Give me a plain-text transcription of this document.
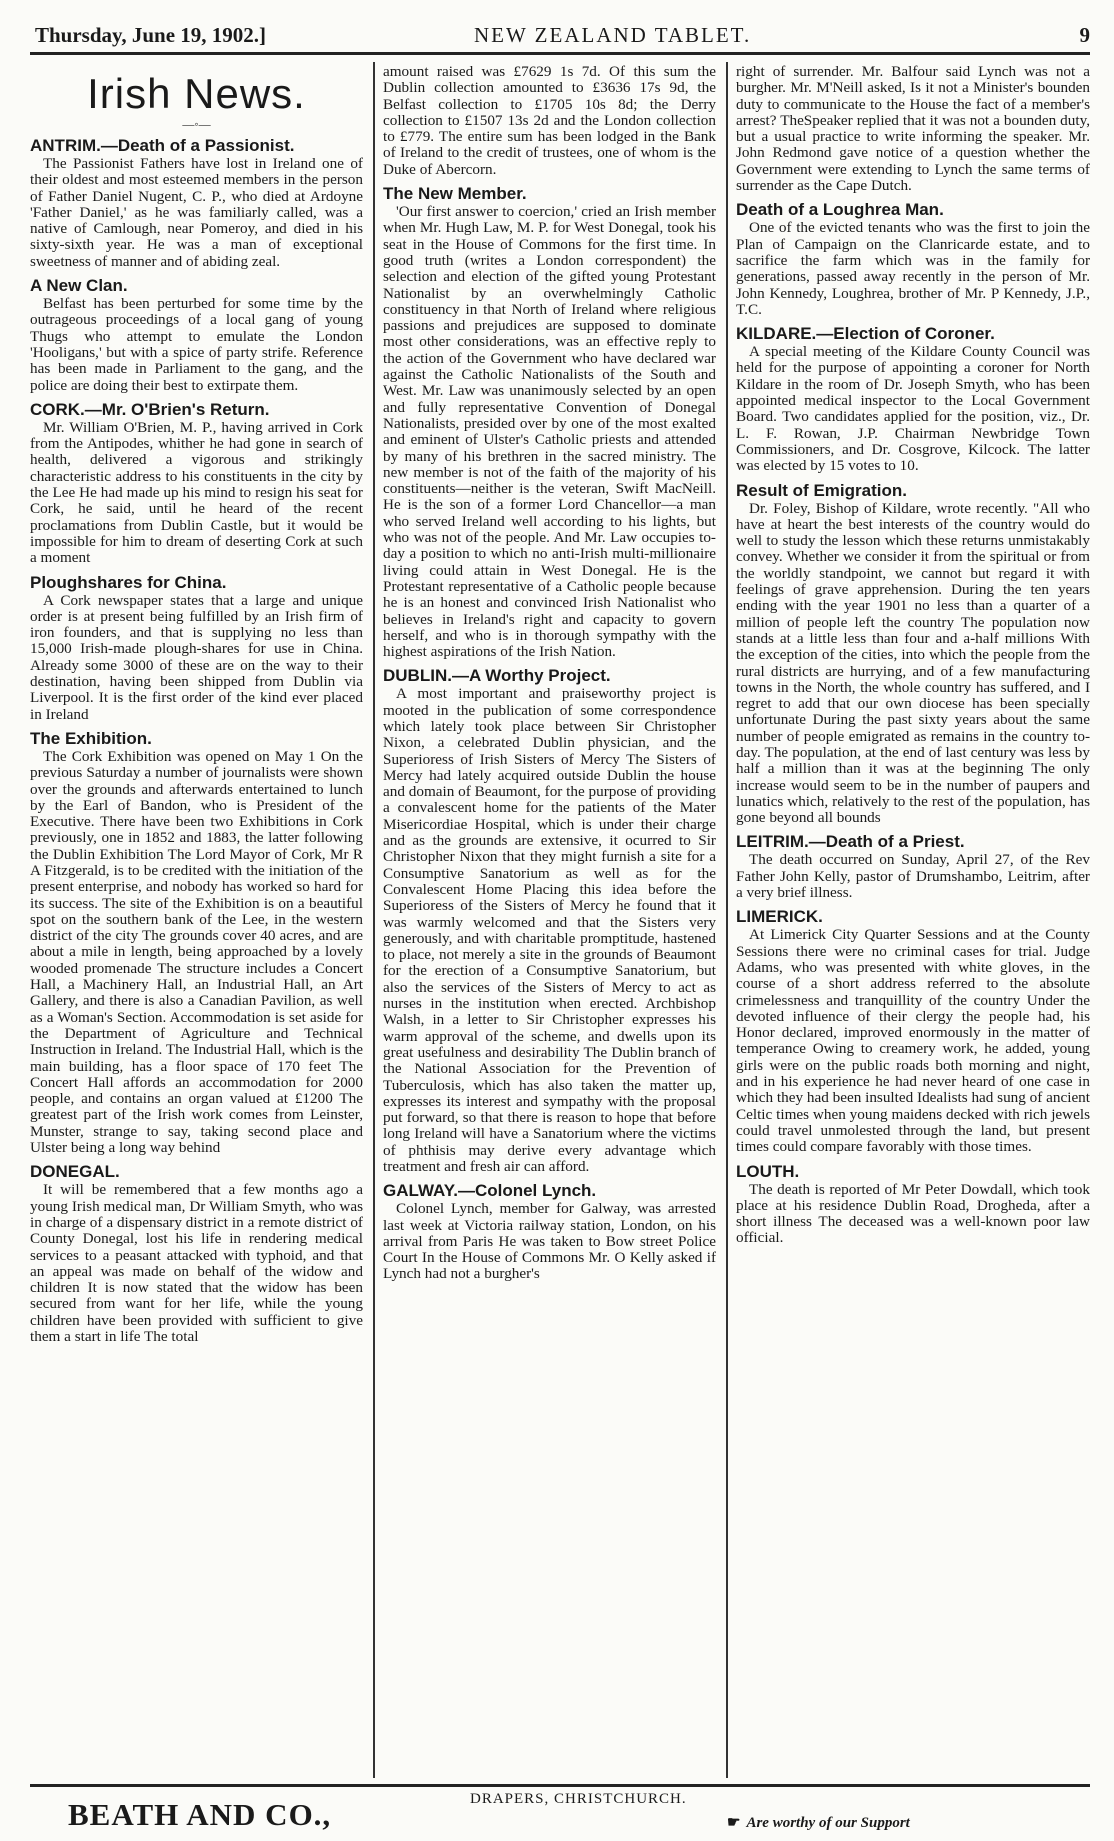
Thursday, June 19, 1902.]	NEW ZEALAND TABLET.	9
Irish News.
—◦—
ANTRIM.—Death of a Passionist.

The Passionist Fathers have lost in Ireland one of their oldest and most esteemed members in the person of Father Daniel Nugent, C. P., who died at Ardoyne 'Father Daniel,' as he was familiarly called, was a native of Camlough, near Pomeroy, and died in his sixty-sixth year. He was a man of exceptional sweetness of manner and of abiding zeal.

A New Clan.

Belfast has been perturbed for some time by the outrageous proceedings of a local gang of young Thugs who attempt to emulate the London 'Hooligans,' but with a spice of party strife. Reference has been made in Parliament to the gang, and the police are doing their best to extirpate them.

CORK.—Mr. O'Brien's Return.

Mr. William O'Brien, M. P., having arrived in Cork from the Antipodes, whither he had gone in search of health, delivered a vigorous and strikingly characteristic address to his constituents in the city by the Lee He had made up his mind to resign his seat for Cork, he said, until he heard of the recent proclamations from Dublin Castle, but it would be impossible for him to dream of deserting Cork at such a moment

Ploughshares for China.

A Cork newspaper states that a large and unique order is at present being fulfilled by an Irish firm of iron founders, and that is supplying no less than 15,000 Irish-made plough-shares for use in China. Already some 3000 of these are on the way to their destination, having been shipped from Dublin via Liverpool. It is the first order of the kind ever placed in Ireland

The Exhibition.

The Cork Exhibition was opened on May 1 On the previous Saturday a number of journalists were shown over the grounds and afterwards entertained to lunch by the Earl of Bandon, who is President of the Executive. There have been two Exhibitions in Cork previously, one in 1852 and 1883, the latter following the Dublin Exhibition The Lord Mayor of Cork, Mr R A Fitzgerald, is to be credited with the initiation of the present enterprise, and nobody has worked so hard for its success. The site of the Exhibition is on a beautiful spot on the southern bank of the Lee, in the western district of the city The grounds cover 40 acres, and are about a mile in length, being approached by a lovely wooded promenade The structure includes a Concert Hall, a Machinery Hall, an Industrial Hall, an Art Gallery, and there is also a Canadian Pavilion, as well as a Woman's Section. Accommodation is set aside for the Department of Agriculture and Technical Instruction in Ireland. The Industrial Hall, which is the main building, has a floor space of 170 feet The Concert Hall affords an accommodation for 2000 people, and contains an organ valued at £1200 The greatest part of the Irish work comes from Leinster, Munster, strange to say, taking second place and Ulster being a long way behind

DONEGAL.

It will be remembered that a few months ago a young Irish medical man, Dr William Smyth, who was in charge of a dispensary district in a remote district of County Donegal, lost his life in rendering medical services to a peasant attacked with typhoid, and that an appeal was made on behalf of the widow and children It is now stated that the widow has been secured from want for her life, while the young children have been provided with sufficient to give them a start in life The total

amount raised was £7629 1s 7d. Of this sum the Dublin collection amounted to £3636 17s 9d, the Belfast collection to £1705 10s 8d; the Derry collection to £1507 13s 2d and the London collection to £779. The entire sum has been lodged in the Bank of Ireland to the credit of trustees, one of whom is the Duke of Abercorn.

The New Member.

'Our first answer to coercion,' cried an Irish member when Mr. Hugh Law, M. P. for West Donegal, took his seat in the House of Commons for the first time. In good truth (writes a London correspondent) the selection and election of the gifted young Protestant Nationalist by an overwhelmingly Catholic constituency in that North of Ireland where religious passions and prejudices are supposed to dominate most other considerations, was an effective reply to the action of the Government who have declared war against the Catholic Nationalists of the South and West. Mr. Law was unanimously selected by an open and fully representative Convention of Donegal Nationalists, presided over by one of the most exalted and eminent of Ulster's Catholic priests and attended by many of his brethren in the sacred ministry. The new member is not of the faith of the majority of his constituents—neither is the veteran, Swift MacNeill. He is the son of a former Lord Chancellor—a man who served Ireland well according to his lights, but who was not of the people. And Mr. Law occupies to-day a position to which no anti-Irish multi-millionaire living could attain in West Donegal. He is the Protestant representative of a Catholic people because he is an honest and convinced Irish Nationalist who believes in Ireland's right and capacity to govern herself, and who is in thorough sympathy with the highest aspirations of the Irish Nation.

DUBLIN.—A Worthy Project.

A most important and praiseworthy project is mooted in the publication of some correspondence which lately took place between Sir Christopher Nixon, a celebrated Dublin physician, and the Superioress of Irish Sisters of Mercy The Sisters of Mercy had lately acquired outside Dublin the house and domain of Beaumont, for the purpose of providing a convalescent home for the patients of the Mater Misericordiae Hospital, which is under their charge and as the grounds are extensive, it ocurred to Sir Christopher Nixon that they might furnish a site for a Consumptive Sanatorium as well as for the Convalescent Home Placing this idea before the Superioress of the Sisters of Mercy he found that it was warmly welcomed and that the Sisters very generously, and with charitable promptitude, hastened to place, not merely a site in the grounds of Beaumont for the erection of a Consumptive Sanatorium, but also the services of the Sisters of Mercy to act as nurses in the institution when erected. Archbishop Walsh, in a letter to Sir Christopher expresses his warm approval of the scheme, and dwells upon its great usefulness and desirability The Dublin branch of the National Association for the Prevention of Tuberculosis, which has also taken the matter up, expresses its interest and sympathy with the proposal put forward, so that there is reason to hope that before long Ireland will have a Sanatorium where the victims of phthisis may derive every advantage which treatment and fresh air can afford.

GALWAY.—Colonel Lynch.

Colonel Lynch, member for Galway, was arrested last week at Victoria railway station, London, on his arrival from Paris He was taken to Bow street Police Court In the House of Commons Mr. O Kelly asked if Lynch had not a burgher's

right of surrender. Mr. Balfour said Lynch was not a burgher. Mr. M'Neill asked, Is it not a Minister's bounden duty to communicate to the House the fact of a member's arrest? TheSpeaker replied that it was not a bounden duty, but a usual practice to write informing the speaker. Mr. John Redmond gave notice of a question whether the Government were extending to Lynch the same terms of surrender as the Cape Dutch.

Death of a Loughrea Man.

One of the evicted tenants who was the first to join the Plan of Campaign on the Clanricarde estate, and to sacrifice the farm which was in the family for generations, passed away recently in the person of Mr. John Kennedy, Loughrea, brother of Mr. P Kennedy, J.P., T.C.

KILDARE.—Election of Coroner.

A special meeting of the Kildare County Council was held for the purpose of appointing a coroner for North Kildare in the room of Dr. Joseph Smyth, who has been appointed medical inspector to the Local Government Board. Two candidates applied for the position, viz., Dr. L. F. Rowan, J.P. Chairman Newbridge Town Commissioners, and Dr. Cosgrove, Kilcock. The latter was elected by 15 votes to 10.

Result of Emigration.

Dr. Foley, Bishop of Kildare, wrote recently. "All who have at heart the best interests of the country would do well to study the lesson which these returns unmistakably convey. Whether we consider it from the spiritual or from the worldly standpoint, we cannot but regard it with feelings of grave apprehension. During the ten years ending with the year 1901 no less than a quarter of a million of people left the country The population now stands at a little less than four and a-half millions With the exception of the cities, into which the people from the rural districts are hurrying, and of a few manufacturing towns in the North, the whole country has suffered, and I regret to add that our own diocese has been specially unfortunate During the past sixty years about the same number of people emigrated as remains in the country to-day. The population, at the end of last century was less by half a million than it was at the beginning The only increase would seem to be in the number of paupers and lunatics which, relatively to the rest of the population, has gone beyond all bounds

LEITRIM.—Death of a Priest.

The death occurred on Sunday, April 27, of the Rev Father John Kelly, pastor of Drumshambo, Leitrim, after a very brief illness.

LIMERICK.

At Limerick City Quarter Sessions and at the County Sessions there were no criminal cases for trial. Judge Adams, who was presented with white gloves, in the course of a short address referred to the absolute crimelessness and tranquillity of the country Under the devoted influence of their clergy the people had, his Honor declared, improved enormously in the matter of temperance Owing to creamery work, he added, young girls were on the public roads both morning and night, and in his experience he had never heard of one case in which they had been insulted Idealists had sung of ancient Celtic times when young maidens decked with rich jewels could travel unmolested through the land, but present times could compare favorably with those times.

LOUTH.

The death is reported of Mr Peter Dowdall, which took place at his residence Dublin Road, Drogheda, after a short illness The deceased was a well-known poor law official.

BEATH AND CO.,	DRAPERS, CHRISTCHURCH.
☛ Are worthy of our Support
